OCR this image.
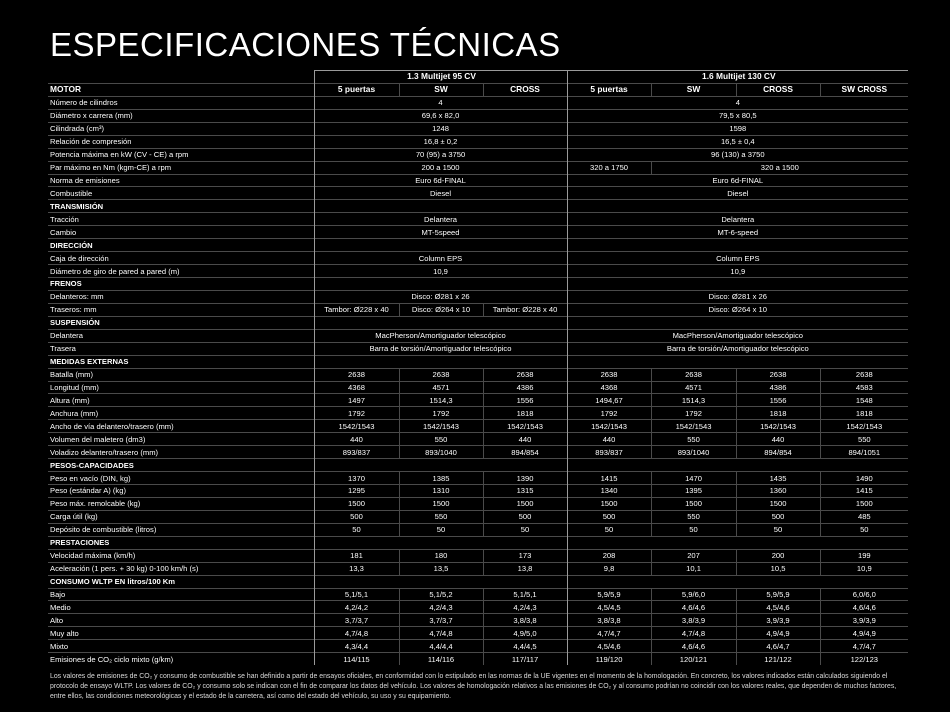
ESPECIFICACIONES TÉCNICAS
	1.3 Multijet 95 CV			1.6 Multijet 130 CV			
MOTOR	5 puertas	SW	CROSS	5 puertas	SW	CROSS	SW CROSS
Número de cilindros	4			4			
Diámetro x carrera (mm)	69,6 x 82,0			79,5 x 80,5			
Cilindrada (cm³)	1248			1598			
Relación de compresión	16,8 ± 0,2			16,5 ± 0,4			
Potencia máxima en kW (CV - CE) a rpm	70 (95) a 3750			96 (130) a 3750			
Par máximo en Nm (kgm-CE) a rpm	200 a 1500			320 a 1750	320 a 1500		
Norma de emisiones	Euro 6d-FINAL			Euro 6d-FINAL			
Combustible	Diesel			Diesel			
TRANSMISIÓN							
Tracción	Delantera			Delantera			
Cambio	MT-5speed			MT-6-speed			
DIRECCIÓN							
Caja de dirección	Column EPS			Column EPS			
Diámetro de giro de pared a pared (m)	10,9			10,9			
FRENOS							
Delanteros: mm	Disco: Ø281 x 26			Disco: Ø281 x 26			
Traseros: mm	Tambor: Ø228 x 40	Disco: Ø264 x 10	Tambor: Ø228 x 40	Disco: Ø264 x 10			
SUSPENSIÓN							
Delantera	MacPherson/Amortiguador telescópico			MacPherson/Amortiguador telescópico			
Trasera	Barra de torsión/Amortiguador telescópico			Barra de torsión/Amortiguador telescópico			
MEDIDAS EXTERNAS							
Batalla (mm)	2638	2638	2638	2638	2638	2638	2638
Longitud (mm)	4368	4571	4386	4368	4571	4386	4583
Altura (mm)	1497	1514,3	1556	1494,67	1514,3	1556	1548
Anchura (mm)	1792	1792	1818	1792	1792	1818	1818
Ancho de vía delantero/trasero (mm)	1542/1543	1542/1543	1542/1543	1542/1543	1542/1543	1542/1543	1542/1543
Volumen del maletero (dm3)	440	550	440	440	550	440	550
Voladizo delantero/trasero (mm)	893/837	893/1040	894/854	893/837	893/1040	894/854	894/1051
PESOS-CAPACIDADES							
Peso en vacío (DIN, kg)	1370	1385	1390	1415	1470	1435	1490
Peso (estándar A) (kg)	1295	1310	1315	1340	1395	1360	1415
Peso máx. remolcable (kg)	1500	1500	1500	1500	1500	1500	1500
Carga útil (kg)	500	550	500	500	550	500	485
Depósito de combustible (litros)	50	50	50	50	50	50	50
PRESTACIONES							
Velocidad máxima (km/h)	181	180	173	208	207	200	199
Aceleración (1 pers. + 30 kg) 0-100 km/h (s)	13,3	13,5	13,8	9,8	10,1	10,5	10,9
CONSUMO WLTP EN litros/100 Km							
Bajo	5,1/5,1	5,1/5,2	5,1/5,1	5,9/5,9	5,9/6,0	5,9/5,9	6,0/6,0
Medio	4,2/4,2	4,2/4,3	4,2/4,3	4,5/4,5	4,6/4,6	4,5/4,6	4,6/4,6
Alto	3,7/3,7	3,7/3,7	3,8/3,8	3,8/3,8	3,8/3,9	3,9/3,9	3,9/3,9
Muy alto	4,7/4,8	4,7/4,8	4,9/5,0	4,7/4,7	4,7/4,8	4,9/4,9	4,9/4,9
Mixto	4,3/4,4	4,4/4,4	4,4/4,5	4,5/4,6	4,6/4,6	4,6/4,7	4,7/4,7
Emisiones de CO₂ ciclo mixto (g/km)	114/115	114/116	117/117	119/120	120/121	121/122	122/123
Los valores de emisiones de CO₂ y consumo de combustible se han definido a partir de ensayos oficiales, en conformidad con lo estipulado en las normas de la UE vigentes en el momento de la homologación. En concreto, los valores indicados están calculados siguiendo el protocolo de ensayo WLTP. Los valores de CO₂ y consumo solo se indican con el fin de comparar los datos del vehículo. Los valores de homologación relativos a las emisiones de CO₂ y al consumo podrían no coincidir con los valores reales, que dependen de muchos factores, entre ellos, las condiciones meteorológicas y el estado de la carretera, así como del estado del vehículo, su uso y su equipamiento.
